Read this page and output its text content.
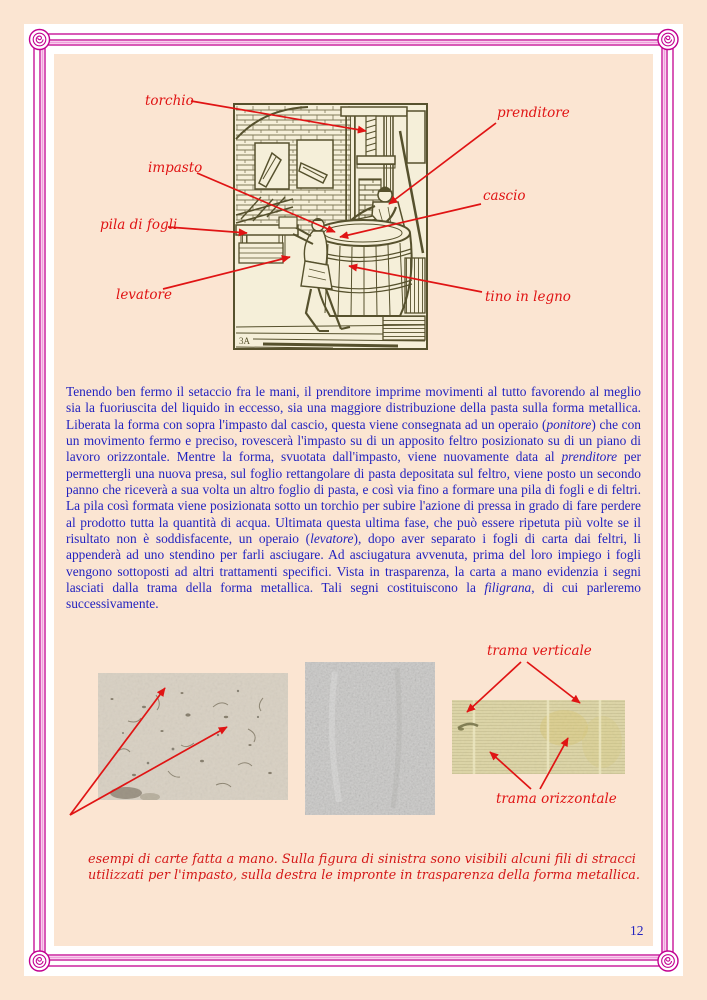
3A
torchio
impasto
pila di fogli
levatore
prenditore
cascio
tino in legno
trama verticale
trama orizzontale
Tenendo ben fermo il setaccio fra le mani, il prenditore imprime movimenti al tutto favorendo al meglio sia la fuoriuscita del liquido in eccesso, sia una maggiore distribuzione della pasta sulla forma metallica. Liberata la forma con sopra l'impasto dal cascio, questa viene consegnata ad un operaio (ponitore) che con un movimento fermo e preciso, rovescerà l'impasto su di un apposito feltro posizionato su di un piano di lavoro orizzontale. Mentre la forma, svuotata dall'impasto, viene nuovamente data al prenditore per permettergli una nuova presa, sul foglio rettangolare di pasta depositata sul feltro, viene posto un secondo panno che riceverà a sua volta un altro foglio di pasta, e così via fino a formare una pila di fogli e di feltri. La pila così formata viene posizionata sotto un torchio per subire l'azione di pressa in grado di fare perdere al prodotto tutta la quantità di acqua. Ultimata questa ultima fase, che può essere ripetuta più volte se il risultato non è soddisfacente, un operaio (levatore), dopo aver separato i fogli di carta dai feltri, li appenderà ad uno stendino per farli asciugare. Ad asciugatura avvenuta, prima del loro impiego i fogli vengono sottoposti ad altri trattamenti specifici. Vista in trasparenza, la carta a mano evidenzia i segni lasciati dalla trama della forma metallica. Tali segni costituiscono la filigrana, di cui parleremo successivamente.
esempi di carte fatta a mano. Sulla figura di sinistra sono visibili alcuni fili di stracci utilizzati per l'impasto, sulla destra le impronte in trasparenza della forma metallica.
12
